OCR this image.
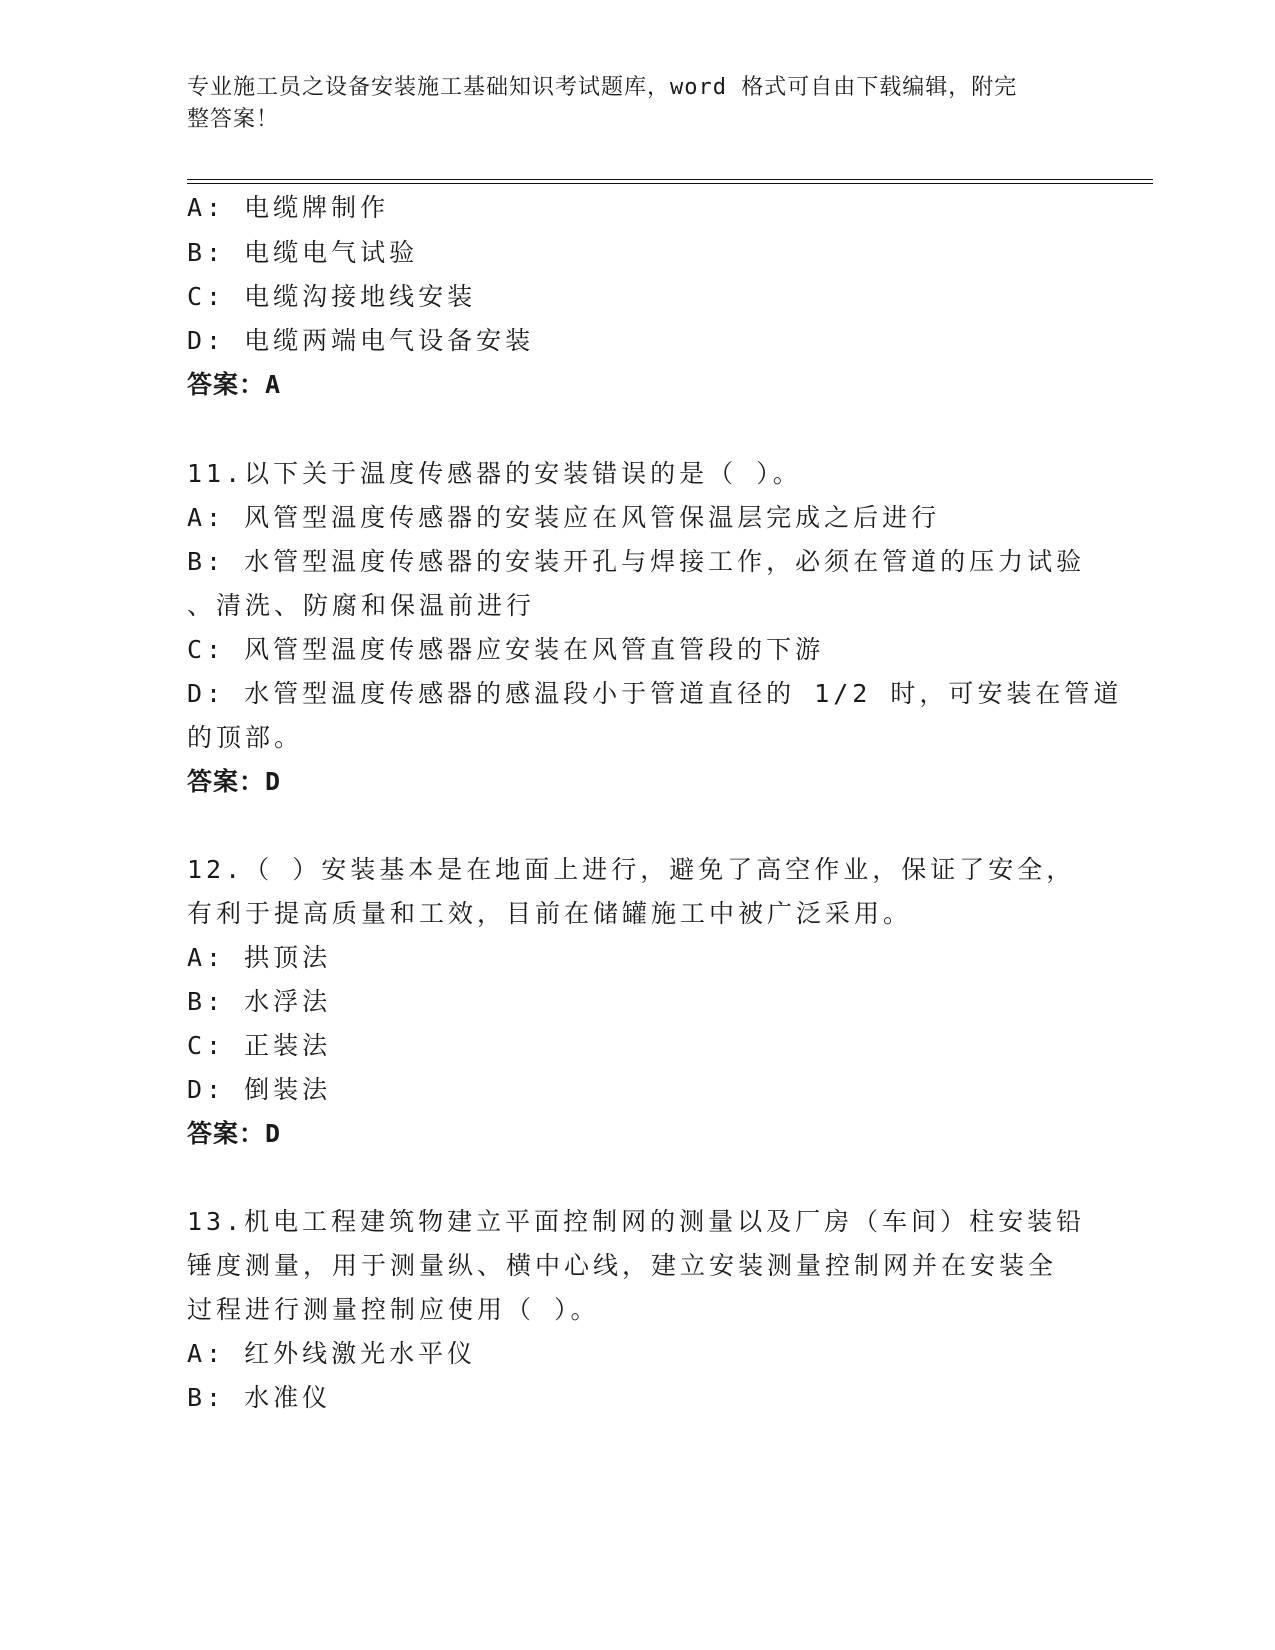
专业施工员之设备安装施工基础知识考试题库，word 格式可自由下载编辑，附完
整答案！
A: 电缆牌制作
B: 电缆电气试验
C: 电缆沟接地线安装
D: 电缆两端电气设备安装
答案：A
11.以下关于温度传感器的安装错误的是（ ）。
A: 风管型温度传感器的安装应在风管保温层完成之后进行
B: 水管型温度传感器的安装开孔与焊接工作，必须在管道的压力试验
、清洗、防腐和保温前进行
C: 风管型温度传感器应安装在风管直管段的下游
D: 水管型温度传感器的感温段小于管道直径的 1/2 时，可安装在管道
的顶部。
答案：D
12.（ ）安装基本是在地面上进行，避免了高空作业，保证了安全，
有利于提高质量和工效，目前在储罐施工中被广泛采用。
A: 拱顶法
B: 水浮法
C: 正装法
D: 倒装法
答案：D
13.机电工程建筑物建立平面控制网的测量以及厂房（车间）柱安装铅
锤度测量，用于测量纵、横中心线，建立安装测量控制网并在安装全
过程进行测量控制应使用（ ）。
A: 红外线激光水平仪
B: 水准仪
